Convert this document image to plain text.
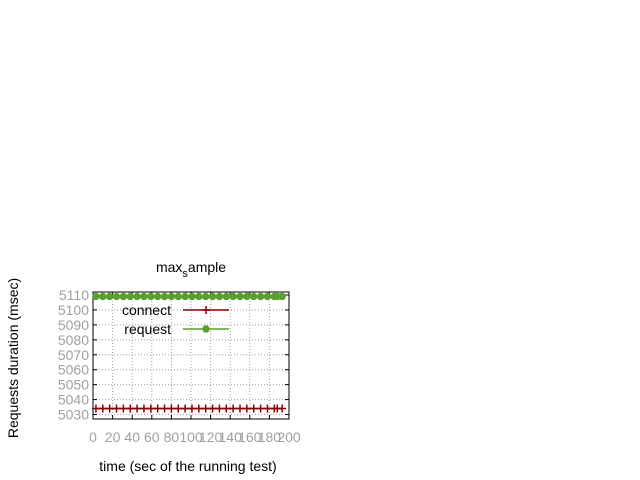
$\max_sample$
Requests duration (msec)
time (sec of the running test)
5030
5040
5050
5060
5070
5080
5090
5100
5110
0 20 40 60 80 100
120
140
160
180
200
connect
request
